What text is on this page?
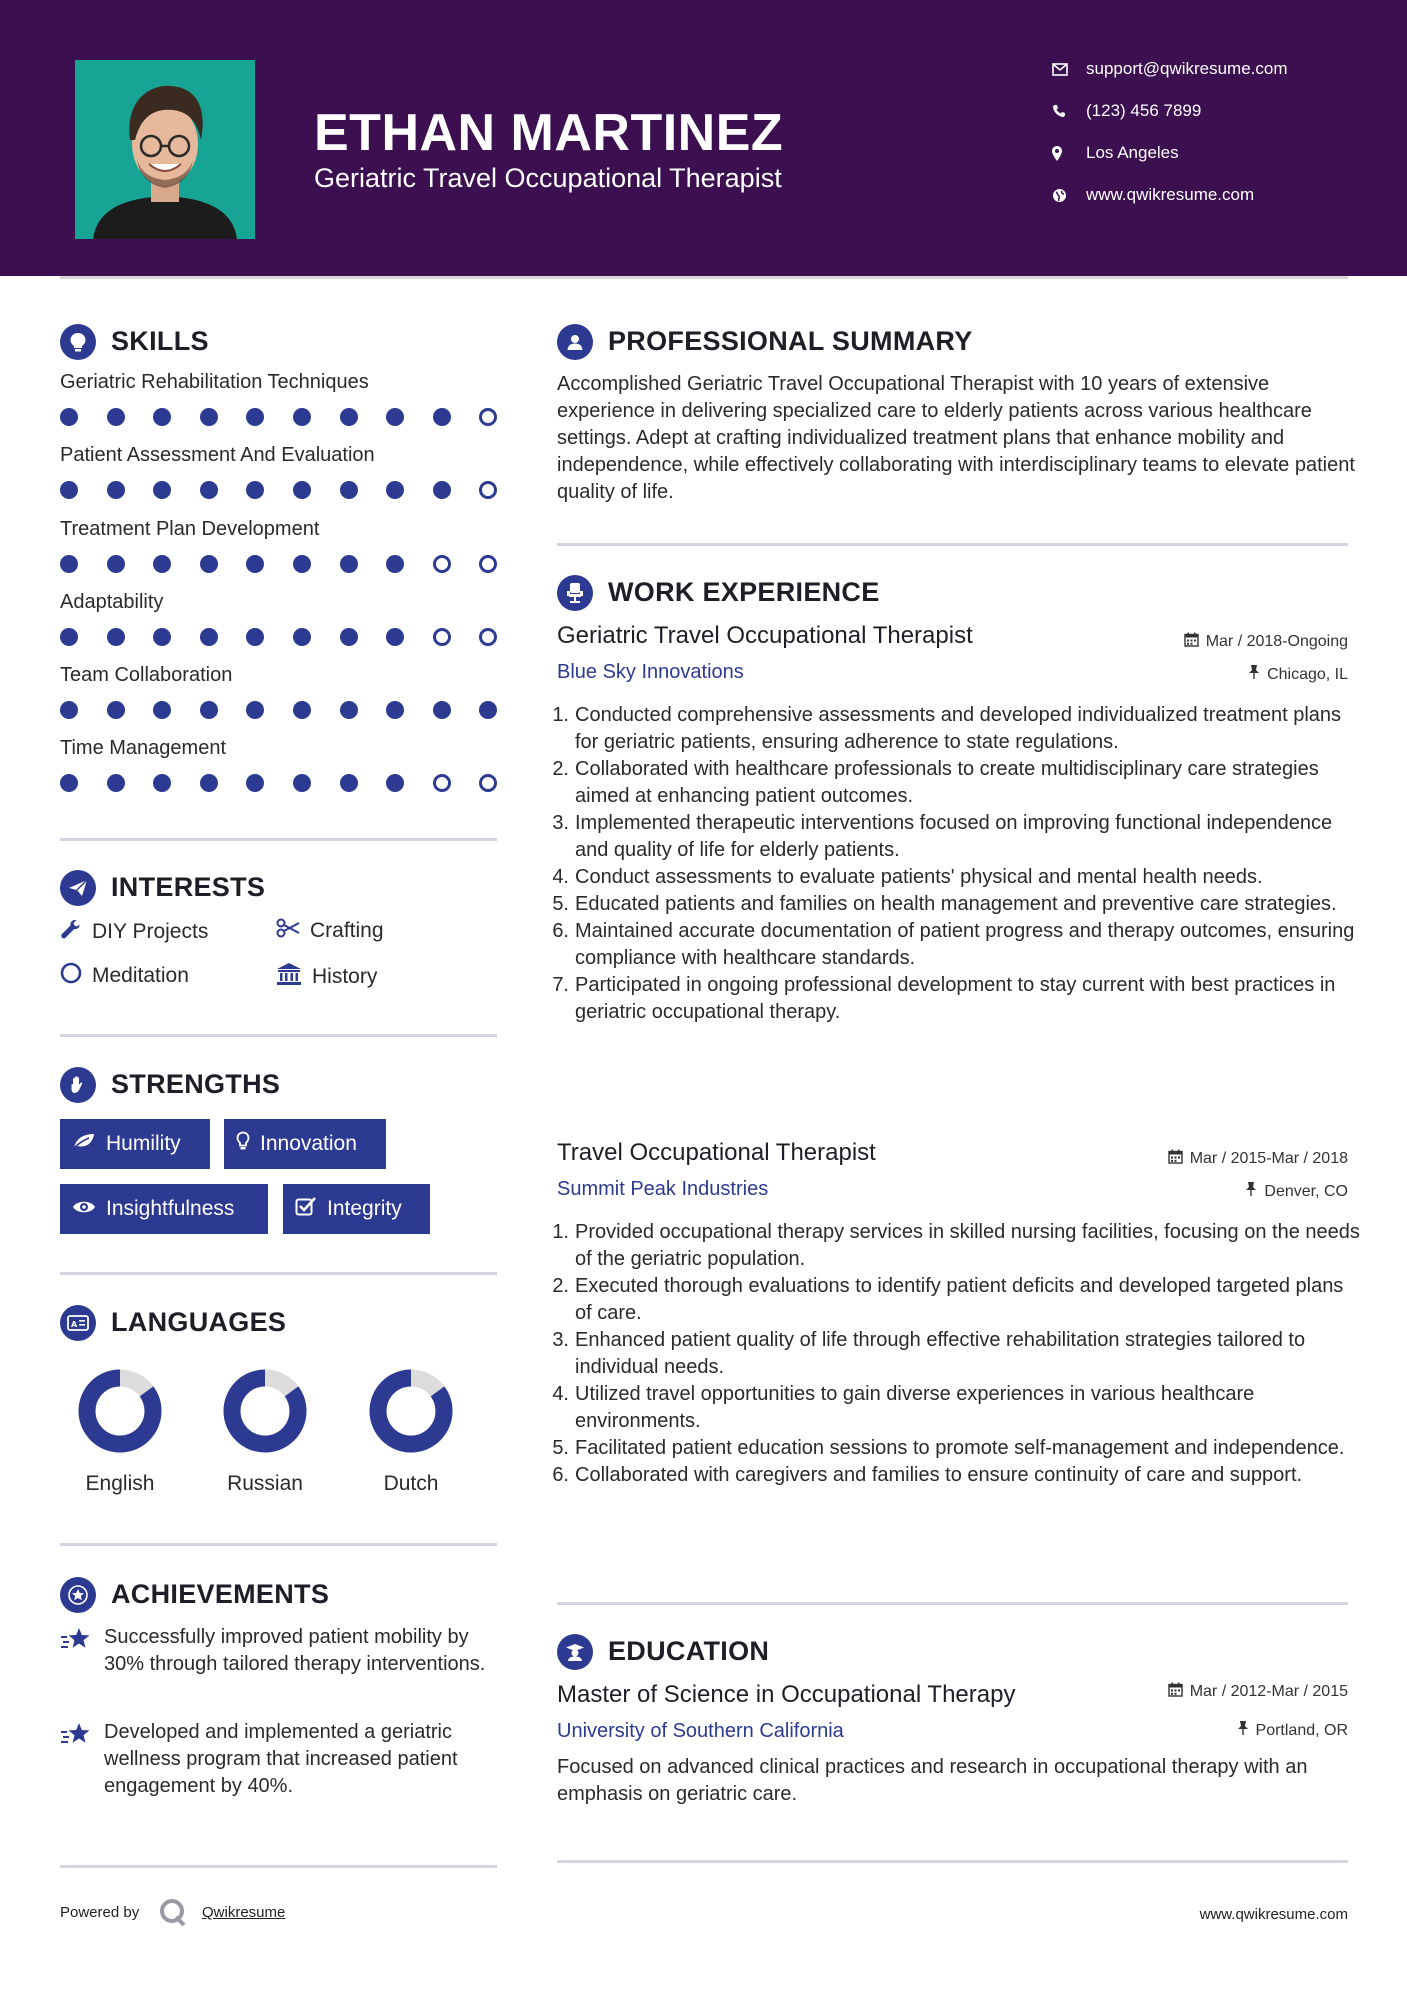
ETHAN MARTINEZ
Geriatric Travel Occupational Therapist
support@qwikresume.com
(123) 456 7899
Los Angeles
www.qwikresume.com
SKILLS
Geriatric Rehabilitation Techniques
Patient Assessment And Evaluation
Treatment Plan Development
Adaptability
Team Collaboration
Time Management
INTERESTS
DIY Projects	Crafting
Meditation	History
STRENGTHS
Humility	Innovation
Insightfulness	Integrity
A LANGUAGES
English	Russian	Dutch
ACHIEVEMENTS
Successfully improved patient mobility by 30% through tailored therapy interventions.
Developed and implemented a geriatric wellness program that increased patient engagement by 40%.
PROFESSIONAL SUMMARY
Accomplished Geriatric Travel Occupational Therapist with 10 years of extensive experience in delivering specialized care to elderly patients across various healthcare settings. Adept at crafting individualized treatment plans that enhance mobility and independence, while effectively collaborating with interdisciplinary teams to elevate patient quality of life.
WORK EXPERIENCE
Geriatric Travel Occupational Therapist	Mar / 2018-Ongoing
Blue Sky Innovations	Chicago, IL
1. Conducted comprehensive assessments and developed individualized treatment plans for geriatric patients, ensuring adherence to state regulations.
2. Collaborated with healthcare professionals to create multidisciplinary care strategies aimed at enhancing patient outcomes.
3. Implemented therapeutic interventions focused on improving functional independence and quality of life for elderly patients.
4. Conduct assessments to evaluate patients' physical and mental health needs.
5. Educated patients and families on health management and preventive care strategies.
6. Maintained accurate documentation of patient progress and therapy outcomes, ensuring compliance with healthcare standards.
7. Participated in ongoing professional development to stay current with best practices in geriatric occupational therapy.
Travel Occupational Therapist	Mar / 2015-Mar / 2018
Summit Peak Industries	Denver, CO
1. Provided occupational therapy services in skilled nursing facilities, focusing on the needs of the geriatric population.
2. Executed thorough evaluations to identify patient deficits and developed targeted plans of care.
3. Enhanced patient quality of life through effective rehabilitation strategies tailored to individual needs.
4. Utilized travel opportunities to gain diverse experiences in various healthcare environments.
5. Facilitated patient education sessions to promote self-management and independence.
6. Collaborated with caregivers and families to ensure continuity of care and support.
EDUCATION
Master of Science in Occupational Therapy	Mar / 2012-Mar / 2015
University of Southern California	Portland, OR
Focused on advanced clinical practices and research in occupational therapy with an emphasis on geriatric care.
Powered by	Qwikresume	www.qwikresume.com
